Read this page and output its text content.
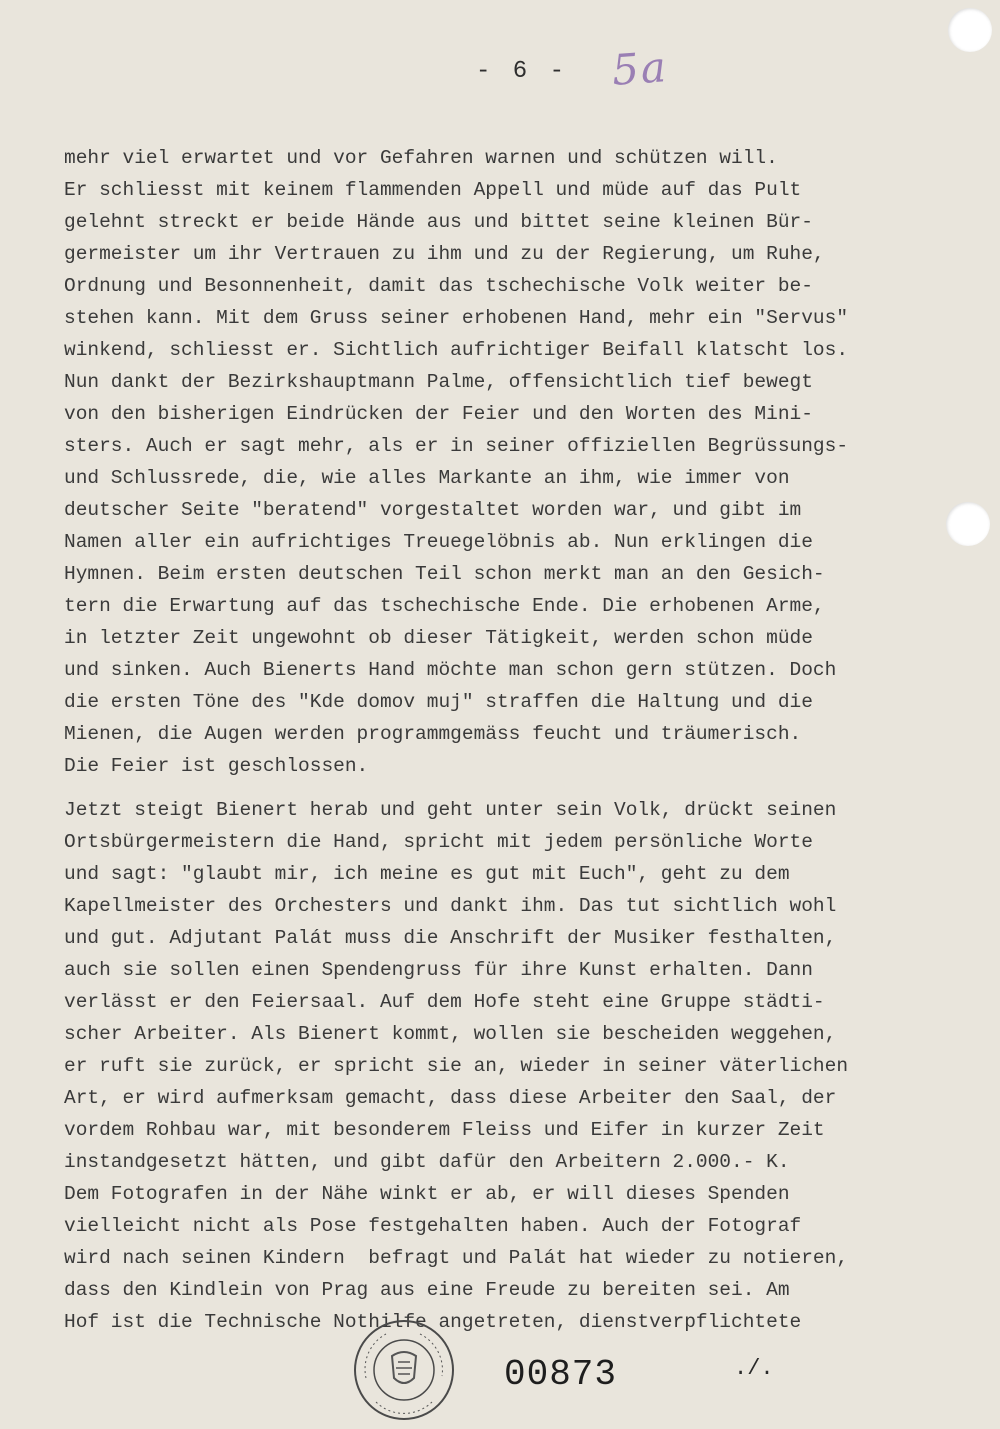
- 6 - 5a

mehr viel erwartet und vor Gefahren warnen und schützen will.
Er schliesst mit keinem flammenden Appell und müde auf das Pult
gelehnt streckt er beide Hände aus und bittet seine kleinen Bür-
germeister um ihr Vertrauen zu ihm und zu der Regierung, um Ruhe,
Ordnung und Besonnenheit, damit das tschechische Volk weiter be-
stehen kann. Mit dem Gruss seiner erhobenen Hand, mehr ein "Servus"
winkend, schliesst er. Sichtlich aufrichtiger Beifall klatscht los.
Nun dankt der Bezirkshauptmann Palme, offensichtlich tief bewegt
von den bisherigen Eindrücken der Feier und den Worten des Mini-
sters. Auch er sagt mehr, als er in seiner offiziellen Begrüssungs-
und Schlussrede, die, wie alles Markante an ihm, wie immer von
deutscher Seite "beratend" vorgestaltet worden war, und gibt im
Namen aller ein aufrichtiges Treuegelöbnis ab. Nun erklingen die
Hymnen. Beim ersten deutschen Teil schon merkt man an den Gesich-
tern die Erwartung auf das tschechische Ende. Die erhobenen Arme,
in letzter Zeit ungewohnt ob dieser Tätigkeit, werden schon müde
und sinken. Auch Bienerts Hand möchte man schon gern stützen. Doch
die ersten Töne des "Kde domov muj" straffen die Haltung und die
Mienen, die Augen werden programmgemäss feucht und träumerisch.
Die Feier ist geschlossen.

Jetzt steigt Bienert herab und geht unter sein Volk, drückt seinen
Ortsbürgermeistern die Hand, spricht mit jedem persönliche Worte
und sagt: "glaubt mir, ich meine es gut mit Euch", geht zu dem
Kapellmeister des Orchesters und dankt ihm. Das tut sichtlich wohl
und gut. Adjutant Palát muss die Anschrift der Musiker festhalten,
auch sie sollen einen Spendengruss für ihre Kunst erhalten. Dann
verlässt er den Feiersaal. Auf dem Hofe steht eine Gruppe städti-
scher Arbeiter. Als Bienert kommt, wollen sie bescheiden weggehen,
er ruft sie zurück, er spricht sie an, wieder in seiner väterlichen
Art, er wird aufmerksam gemacht, dass diese Arbeiter den Saal, der
vordem Rohbau war, mit besonderem Fleiss und Eifer in kurzer Zeit
instandgesetzt hätten, und gibt dafür den Arbeitern 2.000.- K.
Dem Fotografen in der Nähe winkt er ab, er will dieses Spenden
vielleicht nicht als Pose festgehalten haben. Auch der Fotograf
wird nach seinen Kindern  befragt und Palát hat wieder zu notieren,
dass den Kindlein von Prag aus eine Freude zu bereiten sei. Am
Hof ist die Technische Nothilfe angetreten, dienstverpflichtete

00873	./.
